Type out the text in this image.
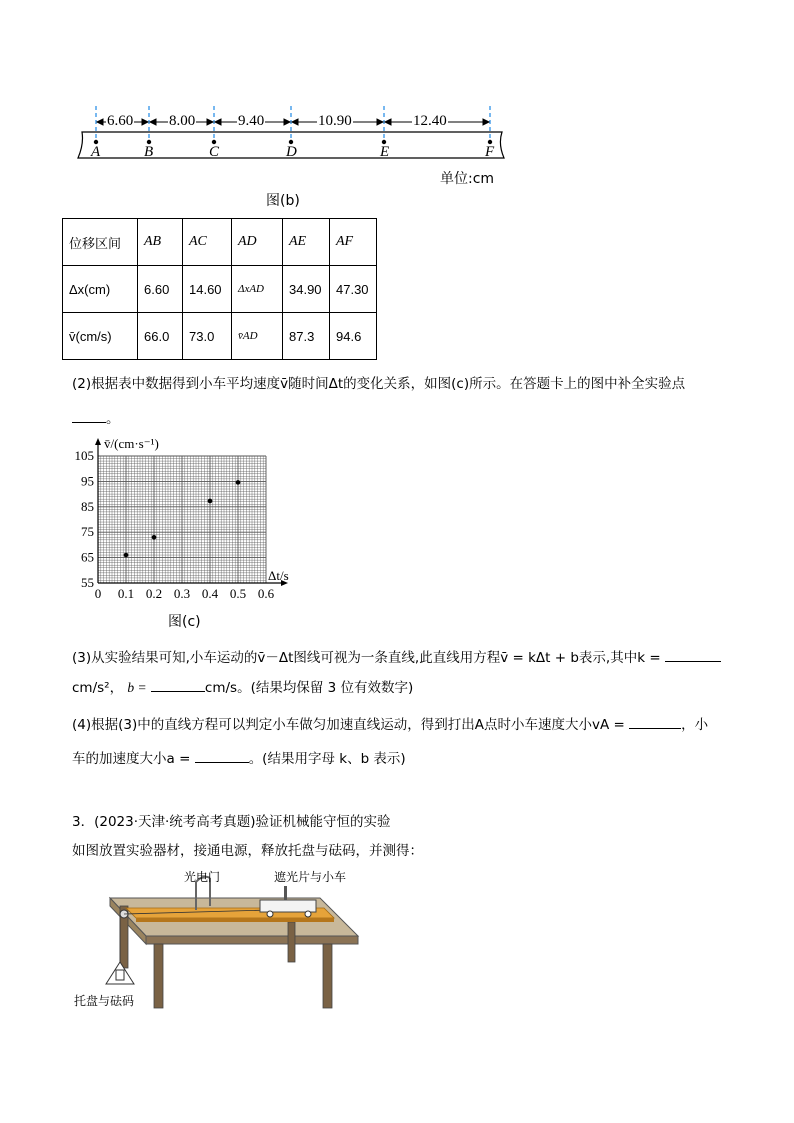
6.60 8.00	9.40	10.90	12.40
A	B	C	D	E	F
单位:cm
图(b)
位移区间	AB	AC	AD	AE	AF
Δx(cm)	6.60	14.60	ΔxAD	34.90	47.30
v̄(cm/s)	66.0	73.0	v̄AD	87.3	94.6
(2)根据表中数据得到小车平均速度v̄随时间Δt的变化关系，如图(c)所示。在答题卡上的图中补全实验点
。
0 0.1 0.2 0.3 0.4 0.5 0.6
55
65
75
85
95
105
v̄/(cm·s⁻¹)
Δt/s
图(c)
(3)从实验结果可知,小车运动的v̄－Δt图线可视为一条直线,此直线用方程v̄ = kΔt + b表示,其中k =
cm/s²， b =	cm/s。(结果均保留 3 位有效数字)
(4)根据(3)中的直线方程可以判定小车做匀加速直线运动，得到打出A点时小车速度大小vA =	，小
车的加速度大小a =	。(结果用字母 k、b 表示)
3．(2023·天津·统考高考真题)验证机械能守恒的实验
如图放置实验器材，接通电源，释放托盘与砝码，并测得：
光电门	遮光片与小车
托盘与砝码
